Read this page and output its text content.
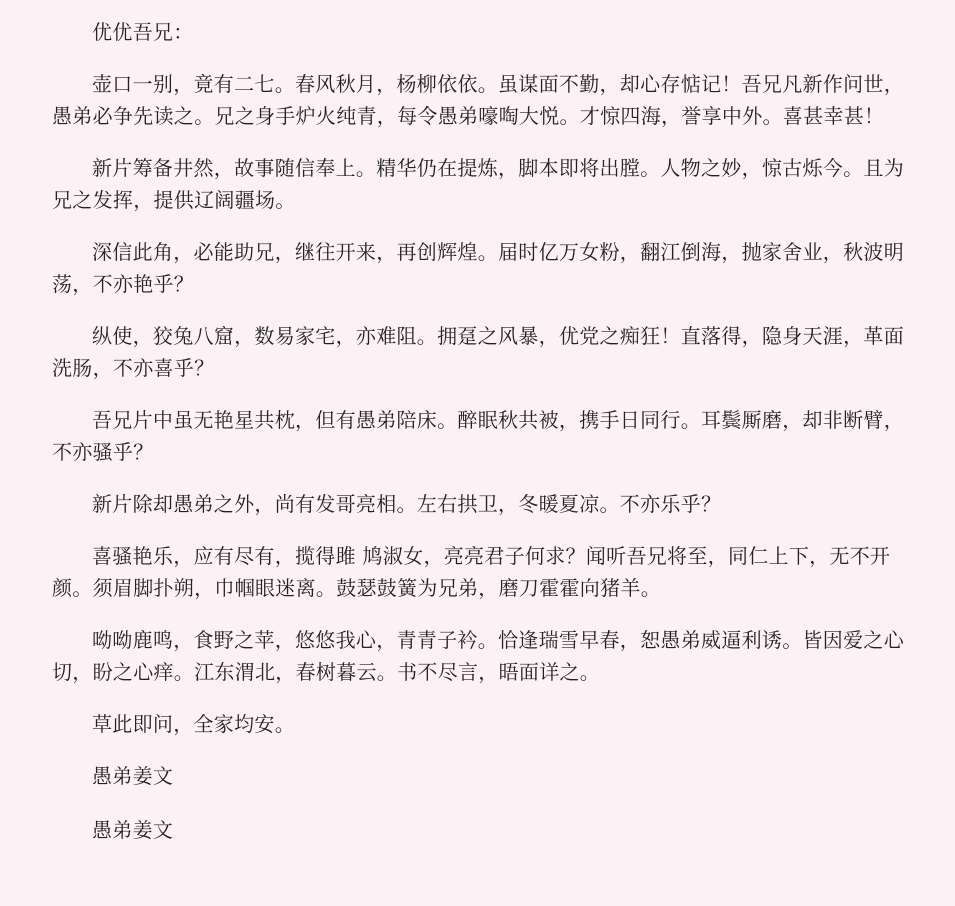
优优吾兄：

壶口一别，竟有二七。春风秋月，杨柳依依。虽谋面不勤，却心存惦记！吾兄凡新作问世，愚弟必争先读之。兄之身手炉火纯青，每令愚弟嚎啕大悦。才惊四海，誉享中外。喜甚幸甚！

新片筹备井然，故事随信奉上。精华仍在提炼，脚本即将出膛。人物之妙，惊古烁今。且为兄之发挥，提供辽阔疆场。

深信此角，必能助兄，继往开来，再创辉煌。届时亿万女粉，翻江倒海，抛家舍业，秋波明荡，不亦艳乎？

纵使，狡兔八窟，数易家宅，亦难阻。拥趸之风暴，优党之痴狂！直落得，隐身天涯，革面洗肠，不亦喜乎？

吾兄片中虽无艳星共枕，但有愚弟陪床。醉眠秋共被，携手日同行。耳鬓厮磨，却非断臂，不亦骚乎？

新片除却愚弟之外，尚有发哥亮相。左右拱卫，冬暖夏凉。不亦乐乎？

喜骚艳乐，应有尽有，揽得雎 鸠淑女，亮亮君子何求？闻听吾兄将至，同仁上下，无不开颜。须眉脚扑朔，巾帼眼迷离。鼓瑟鼓簧为兄弟，磨刀霍霍向猪羊。

呦呦鹿鸣，食野之苹，悠悠我心，青青子衿。恰逢瑞雪早春，恕愚弟威逼利诱。皆因爱之心切，盼之心痒。江东渭北，春树暮云。书不尽言，晤面详之。

草此即问，全家均安。

愚弟姜文

愚弟姜文
